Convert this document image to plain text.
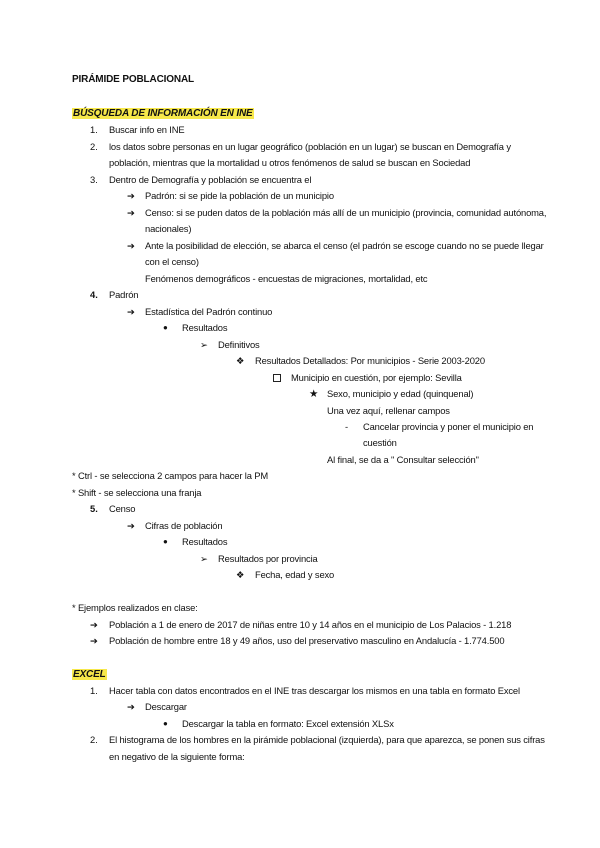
PIRÁMIDE POBLACIONAL
BÚSQUEDA DE INFORMACIÓN EN INE
1. Buscar info en INE
2. los datos sobre personas en un lugar geográfico (población en un lugar) se buscan en Demografía y
población, mientras que la mortalidad u otros fenómenos de salud se buscan en Sociedad
3. Dentro de Demografía y población se encuentra el
➔ Padrón: si se pide la población de un municipio
➔ Censo: si se puden datos de la población más allí de un municipio (provincia, comunidad autónoma,
nacionales)
➔ Ante la posibilidad de elección, se abarca el censo (el padrón se escoge cuando no se puede llegar
con el censo)
Fenómenos demográficos - encuestas de migraciones, mortalidad, etc
4. Padrón
➔ Estadística del Padrón continuo
● Resultados
➢ Definitivos
❖ Resultados Detallados: Por municipios - Serie 2003-2020
Municipio en cuestión, por ejemplo: Sevilla
★ Sexo, municipio y edad (quinquenal)
Una vez aquí, rellenar campos
- Cancelar provincia y poner el municipio en
cuestión
Al final, se da a " Consultar selección"
* Ctrl - se selecciona 2 campos para hacer la PM
* Shift - se selecciona una franja
5. Censo
➔ Cifras de población
● Resultados
➢ Resultados por provincia
❖ Fecha, edad y sexo
* Ejemplos realizados en clase:
➔ Población a 1 de enero de 2017 de niñas entre 10 y 14 años en el municipio de Los Palacios - 1.218
➔ Población de hombre entre 18 y 49 años, uso del preservativo masculino en Andalucía - 1.774.500
EXCEL
1. Hacer tabla con datos encontrados en el INE tras descargar los mismos en una tabla en formato Excel
➔ Descargar
● Descargar la tabla en formato: Excel extensión XLSx
2. El histograma de los hombres en la pirámide poblacional (izquierda), para que aparezca, se ponen sus cifras
en negativo de la siguiente forma:
